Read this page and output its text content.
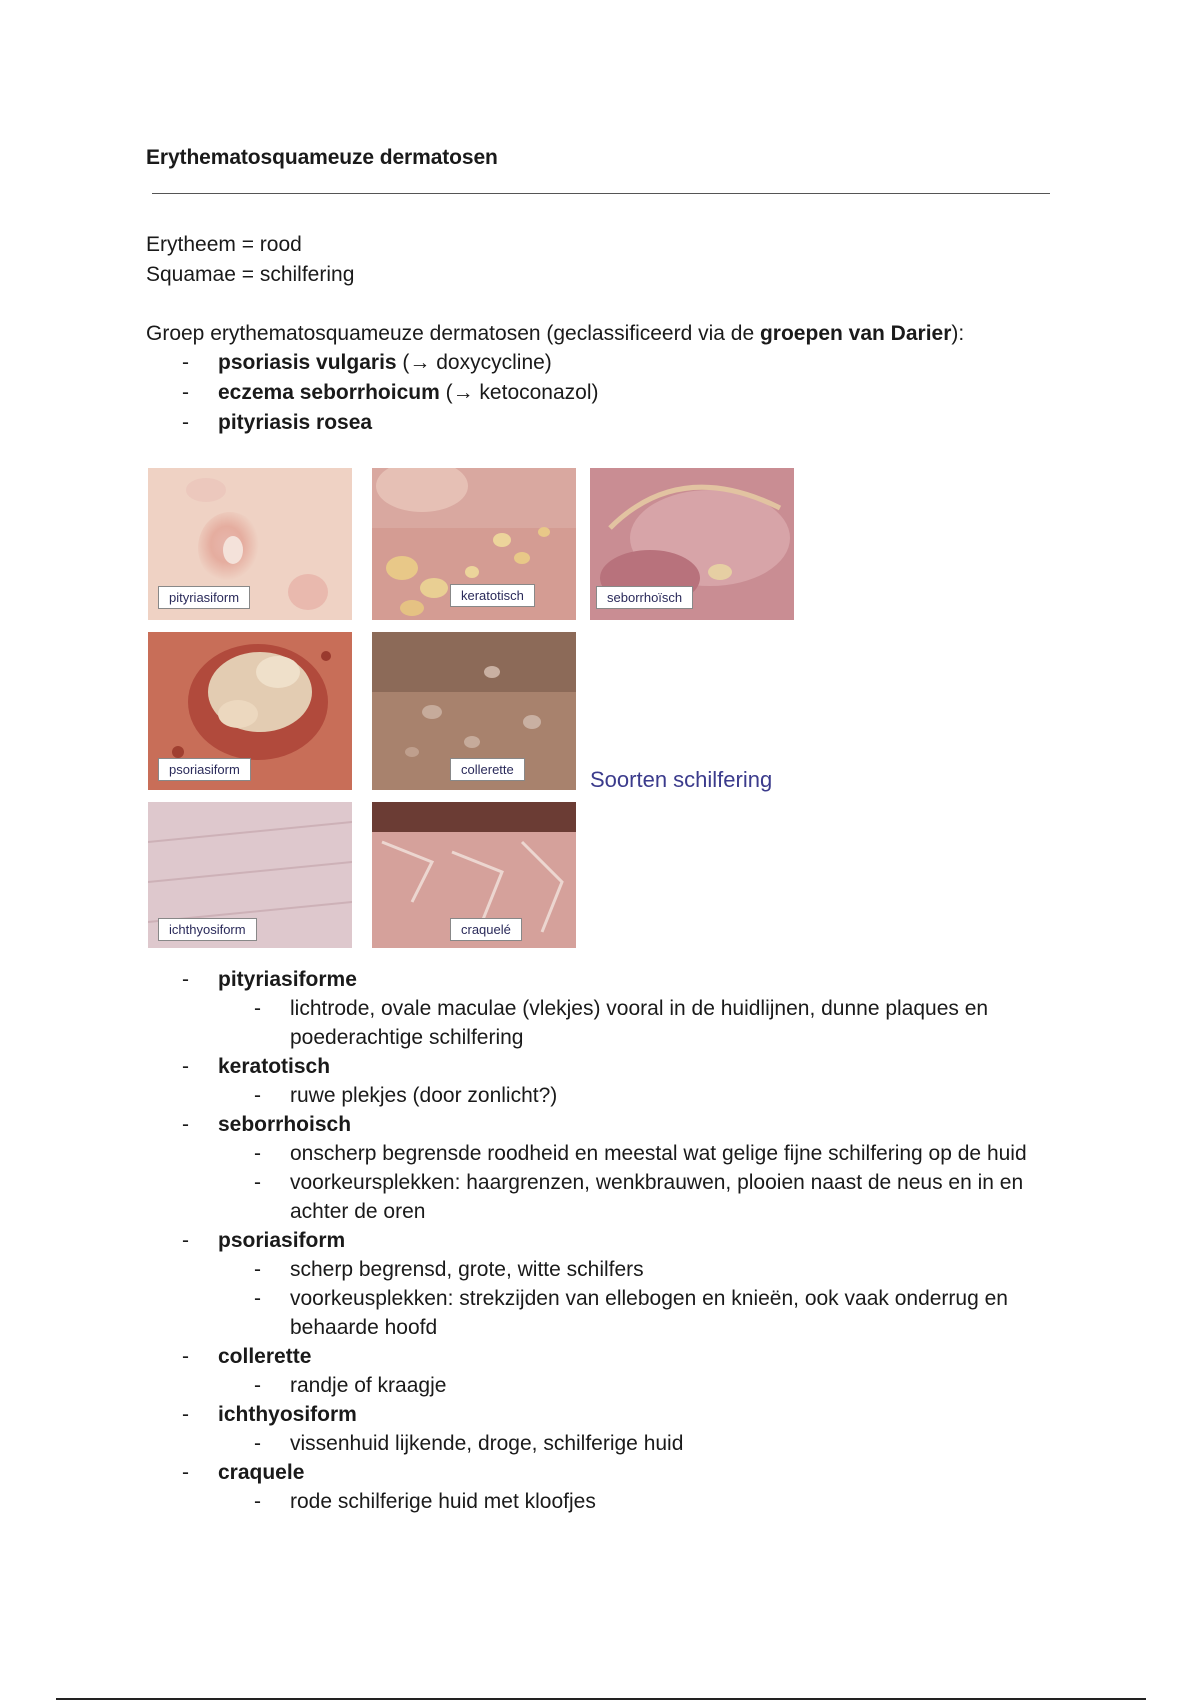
Erythematosquameuze dermatosen
Erytheem = rood
Squamae = schilfering
Groep erythematosquameuze dermatosen (geclassificeerd via de groepen van Darier):
- psoriasis vulgaris (→ doxycycline)
- eczema seborrhoicum (→ ketoconazol)
- pityriasis rosea
pityriasiform	keratotisch	seborrhoïsch
psoriasiform	collerette
ichthyosiform	craquelé
Soorten schilfering
- pityriasiforme
- lichtrode, ovale maculae (vlekjes) vooral in de huidlijnen, dunne plaques en poederachtige schilfering
- keratotisch
- ruwe plekjes (door zonlicht?)
- seborrhoisch
- onscherp begrensde roodheid en meestal wat gelige fijne schilfering op de huid
- voorkeursplekken: haargrenzen, wenkbrauwen, plooien naast de neus en in en achter de oren
- psoriasiform
- scherp begrensd, grote, witte schilfers
- voorkeusplekken: strekzijden van ellebogen en knieën, ook vaak onderrug en behaarde hoofd
- collerette
- randje of kraagje
- ichthyosiform
- vissenhuid lijkende, droge, schilferige huid
- craquele
- rode schilferige huid met kloofjes
